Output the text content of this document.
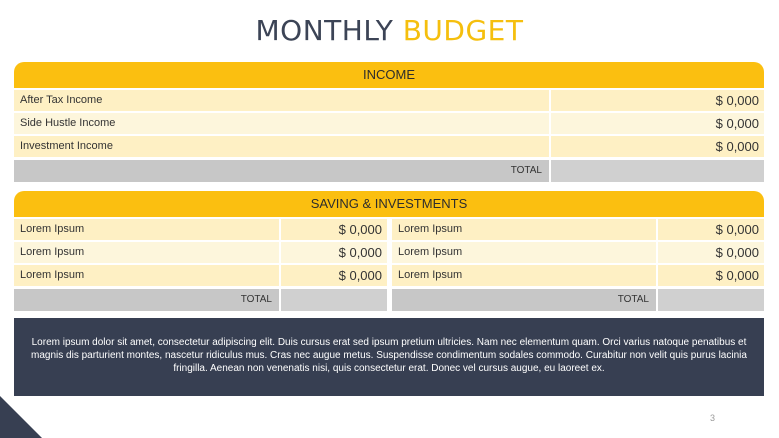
MONTHLY BUDGET
INCOME
After Tax Income	$ 0,000
Side Hustle Income	$ 0,000
Investment Income	$ 0,000
TOTAL
SAVING & INVESTMENTS
Lorem Ipsum	$ 0,000
Lorem Ipsum	$ 0,000
Lorem Ipsum	$ 0,000
TOTAL
Lorem Ipsum	$ 0,000
Lorem Ipsum	$ 0,000
Lorem Ipsum	$ 0,000
TOTAL
Lorem ipsum dolor sit amet, consectetur adipiscing elit. Duis cursus erat sed ipsum pretium ultricies. Nam nec elementum quam. Orci varius natoque penatibus et magnis dis parturient montes, nascetur ridiculus mus. Cras nec augue metus. Suspendisse condimentum sodales commodo. Curabitur non velit quis purus lacinia fringilla. Aenean non venenatis nisi, quis consectetur erat. Donec vel cursus augue, eu laoreet ex.
3
